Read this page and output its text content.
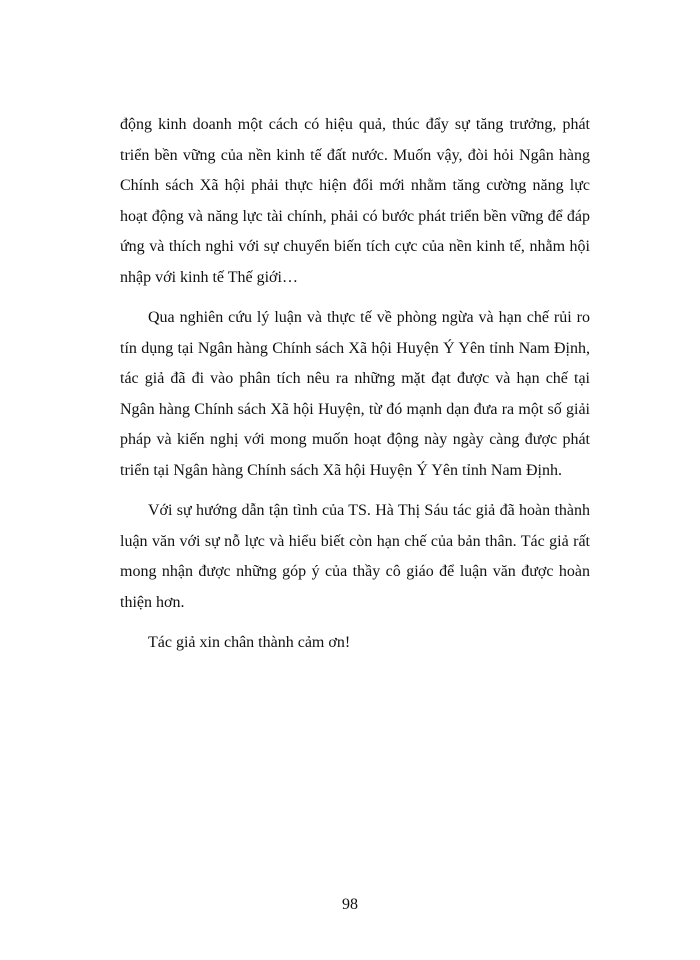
động kinh doanh một cách có hiệu quả, thúc đẩy sự tăng trưởng, phát triển bền vững của nền kinh tế đất nước. Muốn vậy, đòi hỏi Ngân hàng Chính sách Xã hội phải thực hiện đổi mới nhằm tăng cường năng lực hoạt động và năng lực tài chính, phải có bước phát triển bền vững để đáp ứng và thích nghi với sự chuyển biến tích cực của nền kinh tế, nhằm hội nhập với kinh tế Thế giới…

Qua nghiên cứu lý luận và thực tế về phòng ngừa và hạn chế rủi ro tín dụng tại Ngân hàng Chính sách Xã hội Huyện Ý Yên tỉnh Nam Định, tác giả đã đi vào phân tích nêu ra những mặt đạt được và hạn chế tại Ngân hàng Chính sách Xã hội Huyện, từ đó mạnh dạn đưa ra một số giải pháp và kiến nghị với mong muốn hoạt động này ngày càng được phát triển tại Ngân hàng Chính sách Xã hội Huyện Ý Yên tỉnh Nam Định.

Với sự hướng dẫn tận tình của TS. Hà Thị Sáu tác giả đã hoàn thành luận văn với sự nỗ lực và hiểu biết còn hạn chế của bản thân. Tác giả rất mong nhận được những góp ý của thầy cô giáo để luận văn được hoàn thiện hơn.

Tác giả xin chân thành cảm ơn!

98
